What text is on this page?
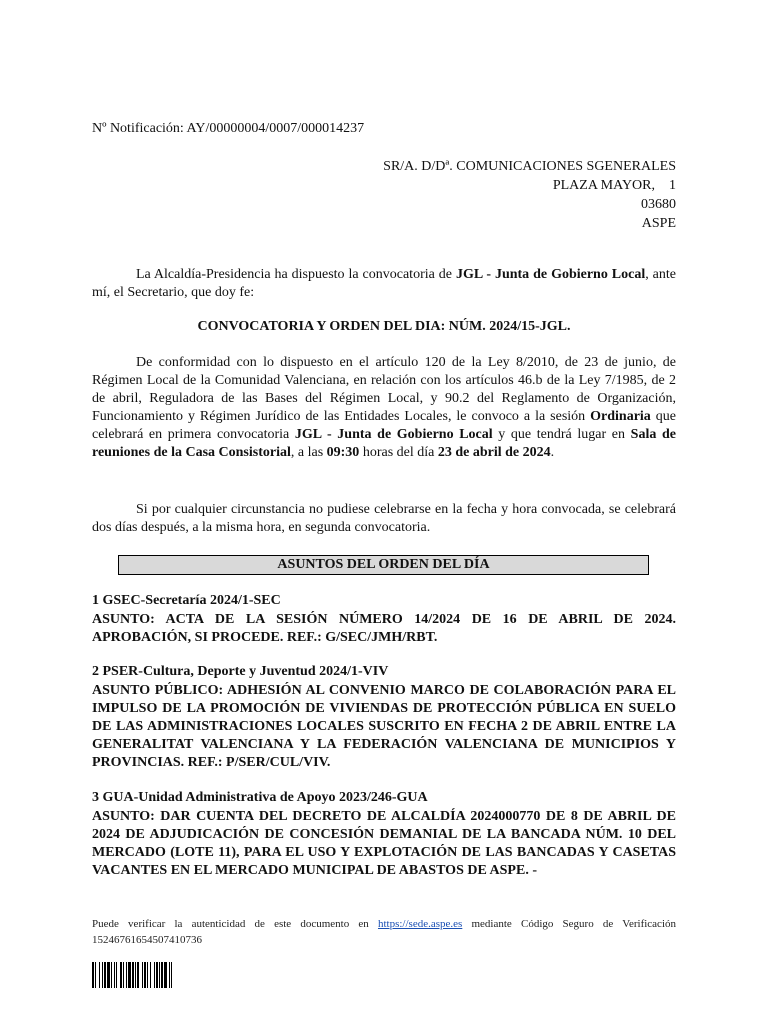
Nº Notificación: AY/00000004/0007/000014237
SR/A. D/Dª. COMUNICACIONES SGENERALES
PLAZA MAYOR,    1
03680
ASPE
La Alcaldía-Presidencia ha dispuesto la convocatoria de JGL - Junta de Gobierno Local, ante mí, el Secretario, que doy fe:
CONVOCATORIA Y ORDEN DEL DIA: NÚM. 2024/15-JGL.
De conformidad con lo dispuesto en el artículo 120 de la Ley 8/2010, de 23 de junio, de Régimen Local de la Comunidad Valenciana, en relación con los artículos 46.b de la Ley 7/1985, de 2 de abril, Reguladora de las Bases del Régimen Local, y 90.2 del Reglamento de Organización, Funcionamiento y Régimen Jurídico de las Entidades Locales, le convoco a la sesión Ordinaria que celebrará en primera convocatoria JGL - Junta de Gobierno Local y que tendrá lugar en Sala de reuniones de la Casa Consistorial, a las 09:30 horas del día 23 de abril de 2024.
Si por cualquier circunstancia no pudiese celebrarse en la fecha y hora convocada, se celebrará dos días después, a la misma hora, en segunda convocatoria.
ASUNTOS DEL ORDEN DEL DÍA
1 GSEC-Secretaría 2024/1-SEC
ASUNTO: ACTA DE LA SESIÓN NÚMERO 14/2024 DE 16 DE ABRIL DE 2024. APROBACIÓN, SI PROCEDE. REF.: G/SEC/JMH/RBT.
2 PSER-Cultura, Deporte y Juventud 2024/1-VIV
ASUNTO PÚBLICO: ADHESIÓN AL CONVENIO MARCO DE COLABORACIÓN PARA EL IMPULSO DE LA PROMOCIÓN DE VIVIENDAS DE PROTECCIÓN PÚBLICA EN SUELO DE LAS ADMINISTRACIONES LOCALES SUSCRITO EN FECHA 2 DE ABRIL ENTRE LA GENERALITAT VALENCIANA Y LA FEDERACIÓN VALENCIANA DE MUNICIPIOS Y PROVINCIAS. REF.: P/SER/CUL/VIV.
3 GUA-Unidad Administrativa de Apoyo 2023/246-GUA
ASUNTO: DAR CUENTA DEL DECRETO DE ALCALDÍA 2024000770 DE 8 DE ABRIL DE 2024 DE ADJUDICACIÓN DE CONCESIÓN DEMANIAL DE LA BANCADA NÚM. 10 DEL MERCADO (LOTE 11), PARA EL USO Y EXPLOTACIÓN DE LAS BANCADAS Y CASETAS VACANTES EN EL MERCADO MUNICIPAL DE ABASTOS DE ASPE. -
Puede verificar la autenticidad de este documento en https://sede.aspe.es mediante Código Seguro de Verificación 15246761654507410736
